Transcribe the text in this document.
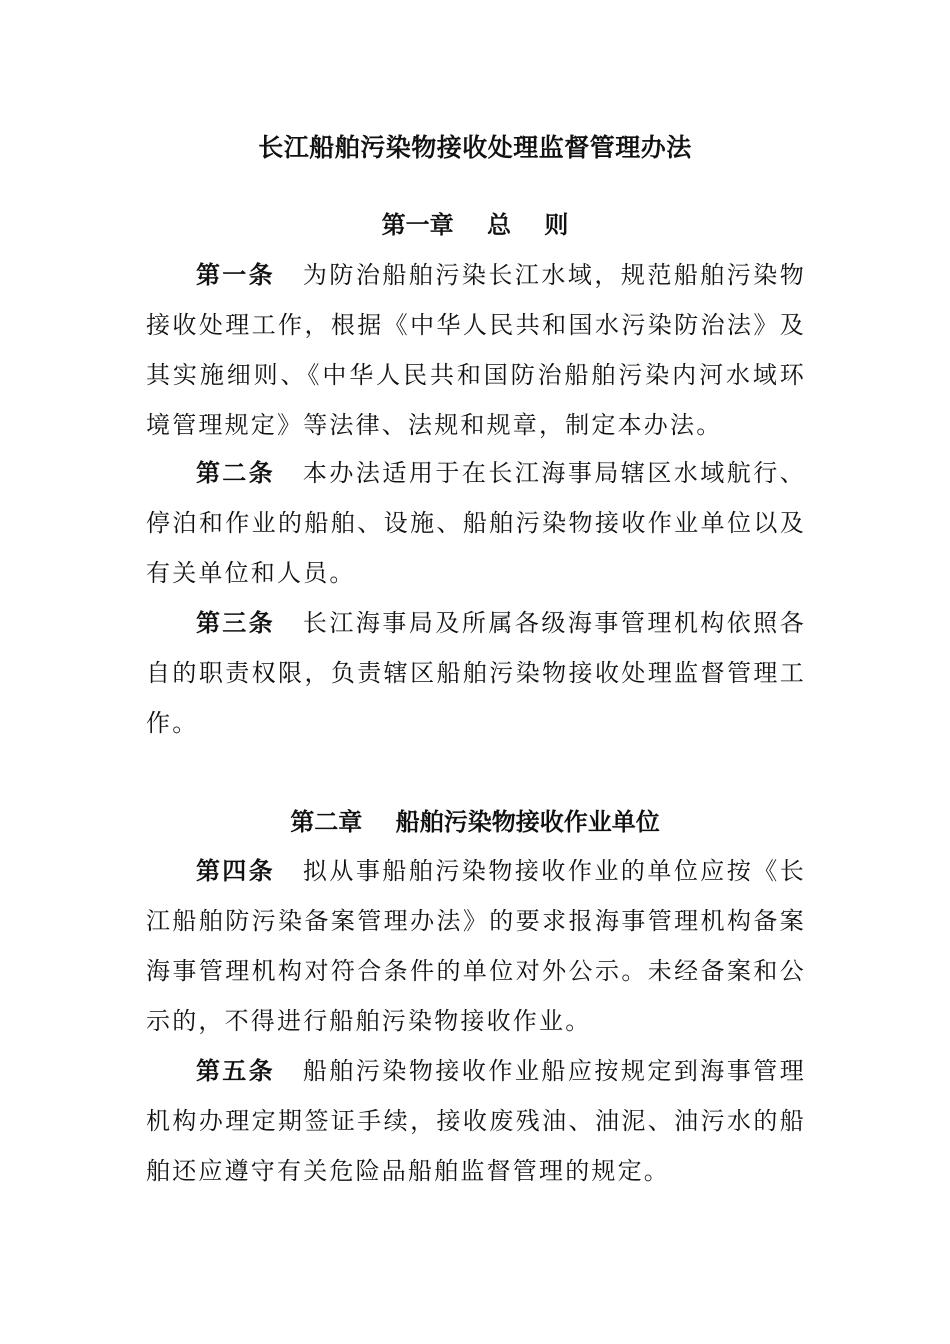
长江船舶污染物接收处理监督管理办法
第一章    总    则

第一条 为防治船舶污染长江水域，规范船舶污染物接收处理工作，根据《中华人民共和国水污染防治法》及其实施细则、《中华人民共和国防治船舶污染内河水域环境管理规定》等法律、法规和规章，制定本办法。

第二条 本办法适用于在长江海事局辖区水域航行、停泊和作业的船舶、设施、船舶污染物接收作业单位以及有关单位和人员。

第三条 长江海事局及所属各级海事管理机构依照各自的职责权限，负责辖区船舶污染物接收处理监督管理工作。

第二章    船舶污染物接收作业单位

第四条 拟从事船舶污染物接收作业的单位应按《长江船舶防污染备案管理办法》的要求报海事管理机构备案海事管理机构对符合条件的单位对外公示。未经备案和公示的，不得进行船舶污染物接收作业。

第五条 船舶污染物接收作业船应按规定到海事管理机构办理定期签证手续，接收废残油、油泥、油污水的船舶还应遵守有关危险品船舶监督管理的规定。
